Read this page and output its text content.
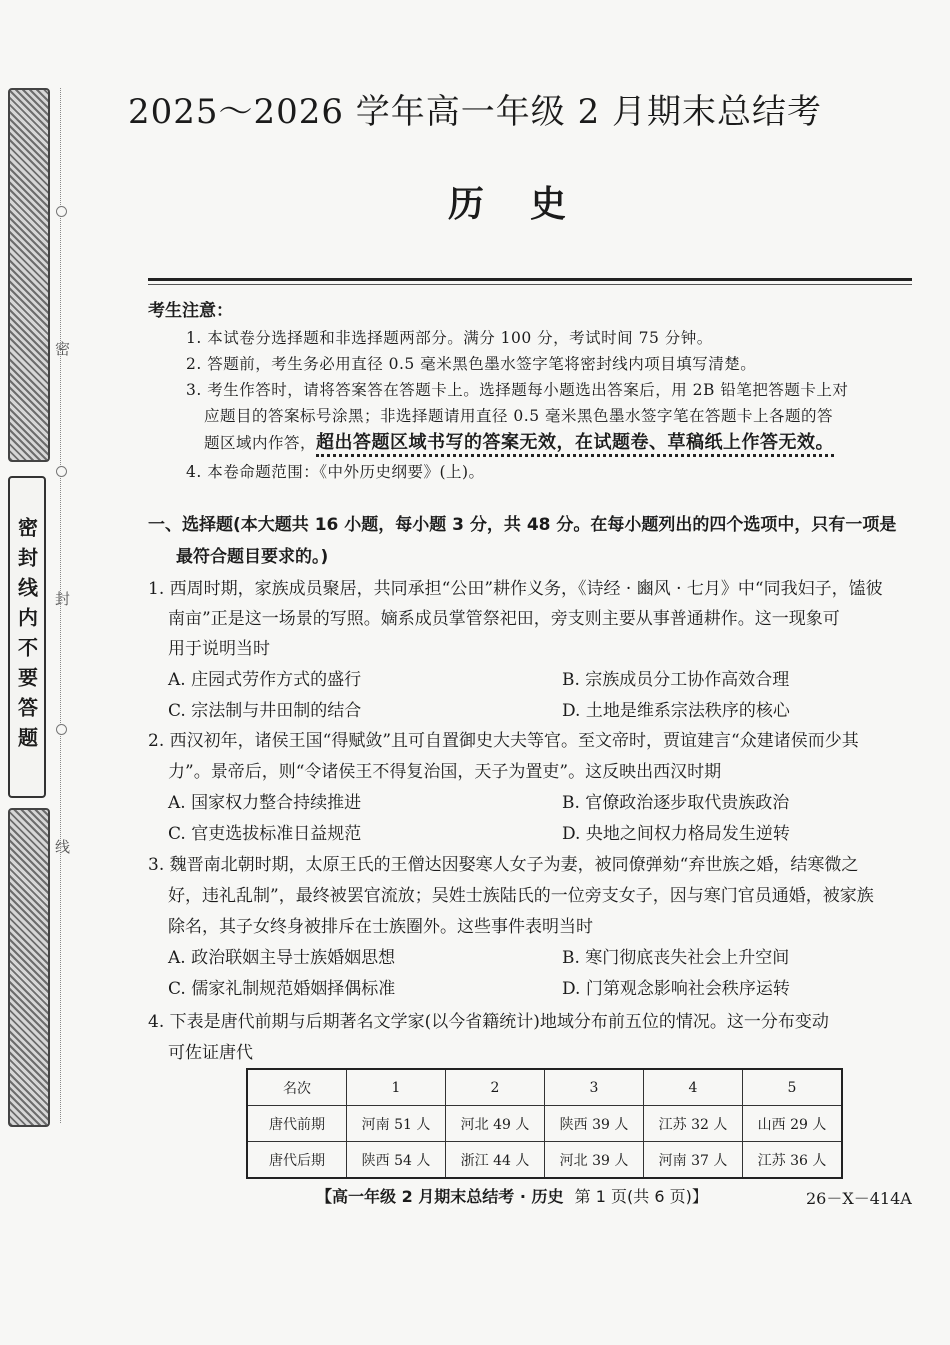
密封线内不要答题
密
封
线
2025～2026 学年高一年级 2 月期末总结考
历史
考生注意：
1. 本试卷分选择题和非选择题两部分。满分 100 分，考试时间 75 分钟。
2. 答题前，考生务必用直径 0.5 毫米黑色墨水签字笔将密封线内项目填写清楚。
3. 考生作答时，请将答案答在答题卡上。选择题每小题选出答案后，用 2B 铅笔把答题卡上对
应题目的答案标号涂黑；非选择题请用直径 0.5 毫米黑色墨水签字笔在答题卡上各题的答
题区域内作答，超出答题区域书写的答案无效，在试题卷、草稿纸上作答无效。
4. 本卷命题范围：《中外历史纲要》(上)。
一、选择题(本大题共 16 小题，每小题 3 分，共 48 分。在每小题列出的四个选项中，只有一项是
最符合题目要求的。)
1. 西周时期，家族成员聚居，共同承担“公田”耕作义务，《诗经 · 豳风 · 七月》中“同我妇子，馌彼
南亩”正是这一场景的写照。嫡系成员掌管祭祀田，旁支则主要从事普通耕作。这一现象可
用于说明当时
A. 庄园式劳作方式的盛行	B. 宗族成员分工协作高效合理
C. 宗法制与井田制的结合	D. 土地是维系宗法秩序的核心
2. 西汉初年，诸侯王国“得赋敛”且可自置御史大夫等官。至文帝时，贾谊建言“众建诸侯而少其
力”。景帝后，则“令诸侯王不得复治国，天子为置吏”。这反映出西汉时期
A. 国家权力整合持续推进	B. 官僚政治逐步取代贵族政治
C. 官吏选拔标准日益规范	D. 央地之间权力格局发生逆转
3. 魏晋南北朝时期，太原王氏的王僧达因娶寒人女子为妻，被同僚弹劾“弃世族之婚，结寒微之
好，违礼乱制”，最终被罢官流放；吴姓士族陆氏的一位旁支女子，因与寒门官员通婚，被家族
除名，其子女终身被排斥在士族圈外。这些事件表明当时
A. 政治联姻主导士族婚姻思想	B. 寒门彻底丧失社会上升空间
C. 儒家礼制规范婚姻择偶标准	D. 门第观念影响社会秩序运转
4. 下表是唐代前期与后期著名文学家(以今省籍统计)地域分布前五位的情况。这一分布变动
可佐证唐代
名次	1	2	3	4	5
唐代前期	河南 51 人	河北 49 人	陕西 39 人	江苏 32 人	山西 29 人
唐代后期	陕西 54 人	浙江 44 人	河北 39 人	河南 37 人	江苏 36 人
【高一年级 2 月期末总结考 · 历史 第 1 页(共 6 页)】	26－X－414A
